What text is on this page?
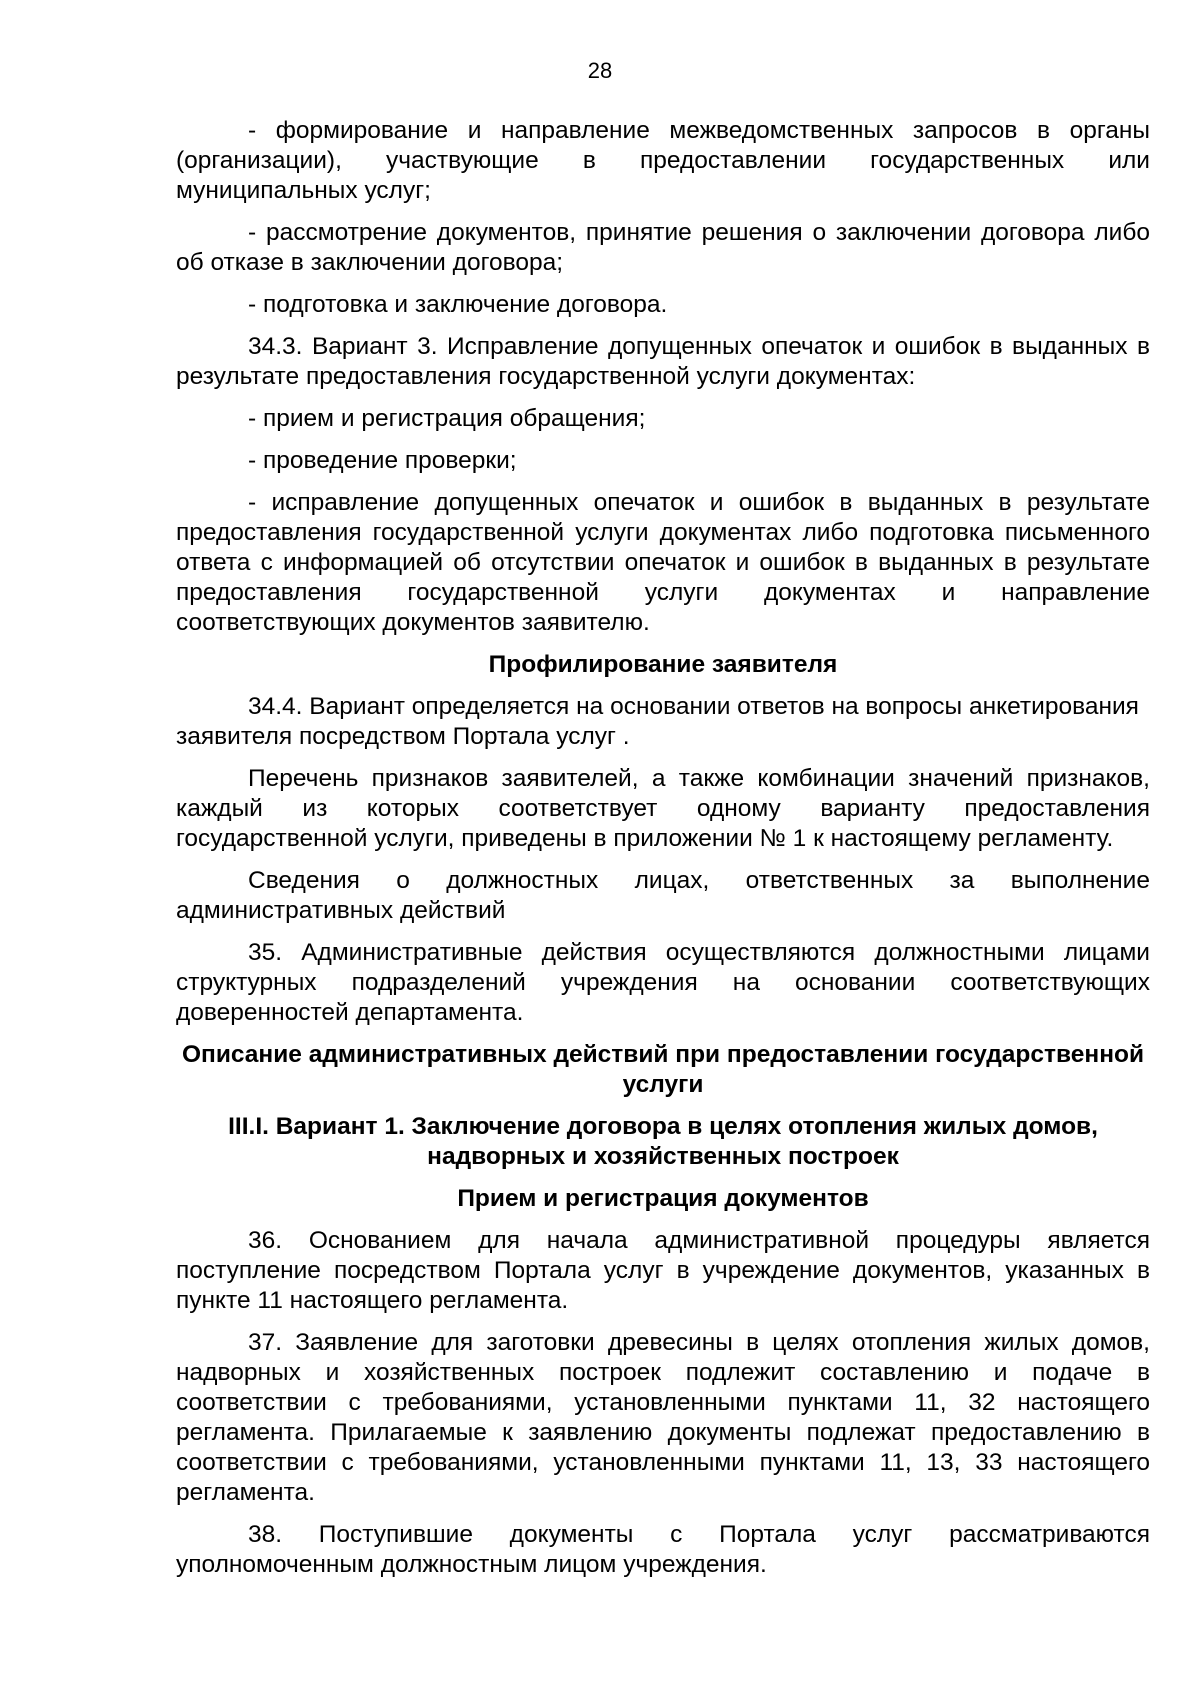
28

- формирование и направление межведомственных запросов в органы (организации), участвующие в предоставлении государственных или муниципальных услуг;

- рассмотрение документов, принятие решения о заключении договора либо об отказе в заключении договора;

- подготовка и заключение договора.

34.3. Вариант 3. Исправление допущенных опечаток и ошибок в выданных в результате предоставления государственной услуги документах:

- прием и регистрация обращения;

- проведение проверки;

- исправление допущенных опечаток и ошибок в выданных в результате предоставления государственной услуги документах либо подготовка письменного ответа с информацией об отсутствии опечаток и ошибок в выданных в результате предоставления государственной услуги документах и направление соответствующих документов заявителю.

Профилирование заявителя

34.4. Вариант определяется на основании ответов на вопросы анкетирования заявителя посредством Портала услуг .

Перечень признаков заявителей, а также комбинации значений признаков, каждый из которых соответствует одному варианту предоставления государственной услуги, приведены в приложении № 1 к настоящему регламенту.

Сведения о должностных лицах, ответственных за выполнение административных действий

35. Административные действия осуществляются должностными лицами структурных подразделений учреждения на основании соответствующих доверенностей департамента.

Описание административных действий при предоставлении государственной услуги
III.I. Вариант 1. Заключение договора в целях отопления жилых домов, надворных и хозяйственных построек
Прием и регистрация документов

36. Основанием для начала административной процедуры является поступление посредством Портала услуг в учреждение документов, указанных в пункте 11 настоящего регламента.

37. Заявление для заготовки древесины в целях отопления жилых домов, надворных и хозяйственных построек подлежит составлению и подаче в соответствии с требованиями, установленными пунктами 11, 32 настоящего регламента. Прилагаемые к заявлению документы подлежат предоставлению в соответствии с требованиями, установленными пунктами 11, 13, 33 настоящего регламента.

38. Поступившие документы с Портала услуг рассматриваются уполномоченным должностным лицом учреждения.
